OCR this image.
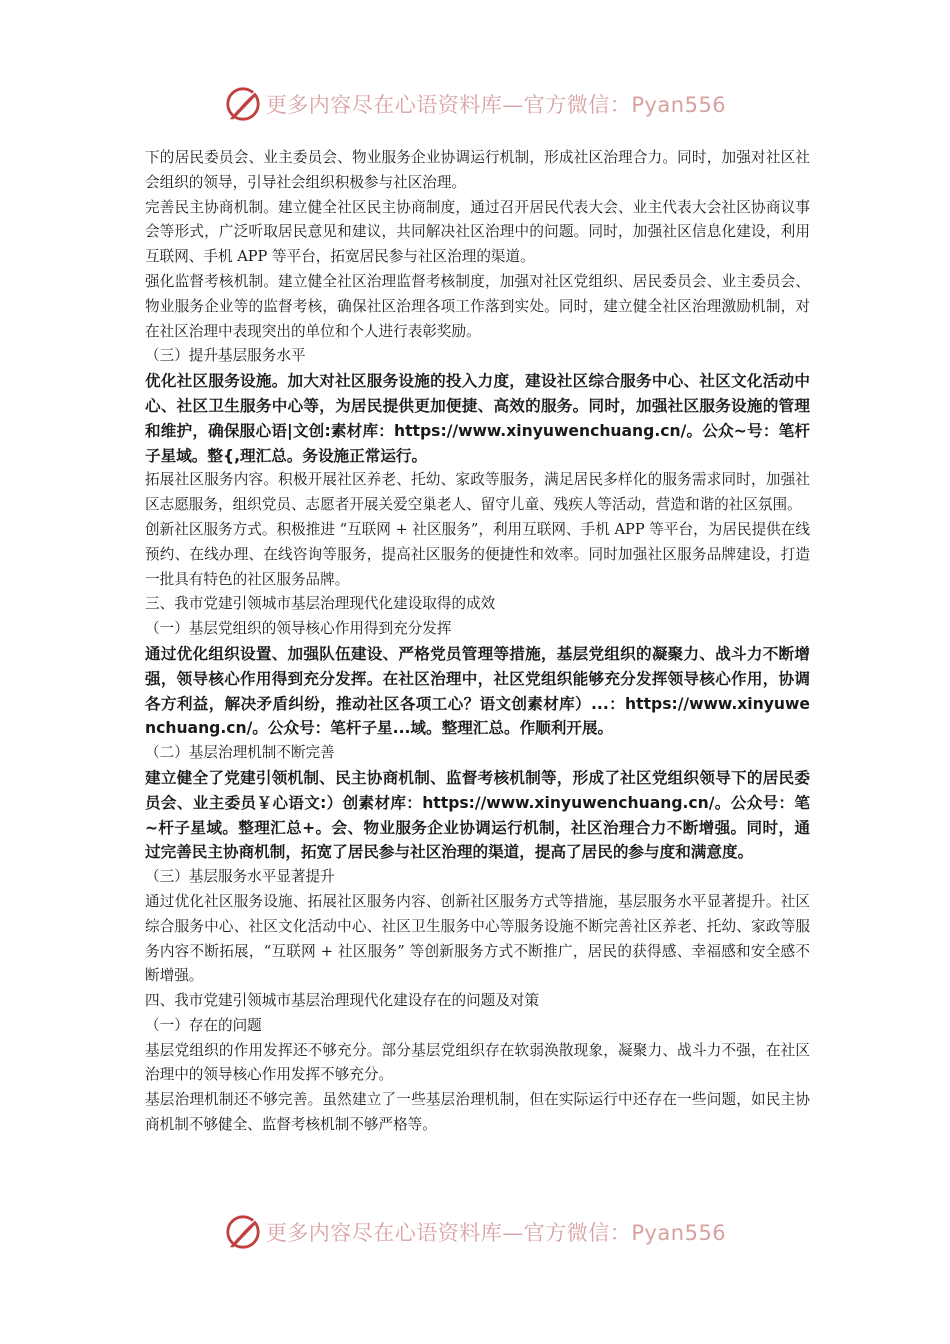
更多内容尽在心语资料库—官方微信：Pyan556

下的居民委员会、业主委员会、物业服务企业协调运行机制，形成社区治理合力。同时，加强对社区社会组织的领导，引导社会组织积极参与社区治理。

完善民主协商机制。建立健全社区民主协商制度，通过召开居民代表大会、业主代表大会社区协商议事会等形式，广泛听取居民意见和建议，共同解决社区治理中的问题。同时，加强社区信息化建设，利用互联网、手机 APP 等平台，拓宽居民参与社区治理的渠道。

强化监督考核机制。建立健全社区治理监督考核制度，加强对社区党组织、居民委员会、业主委员会、物业服务企业等的监督考核，确保社区治理各项工作落到实处。同时，建立健全社区治理激励机制，对在社区治理中表现突出的单位和个人进行表彰奖励。

（三）提升基层服务水平

优化社区服务设施。加大对社区服务设施的投入力度，建设社区综合服务中心、社区文化活动中心、社区卫生服务中心等，为居民提供更加便捷、高效的服务。同时，加强社区服务设施的管理和维护，确保服心语|文创:素材库：https://www.xinyuwenchuang.cn/。公众~号：笔杆子星域。整{,理汇总。务设施正常运行。

拓展社区服务内容。积极开展社区养老、托幼、家政等服务，满足居民多样化的服务需求同时，加强社区志愿服务，组织党员、志愿者开展关爱空巢老人、留守儿童、残疾人等活动，营造和谐的社区氛围。

创新社区服务方式。积极推进 “互联网 + 社区服务”，利用互联网、手机 APP 等平台，为居民提供在线预约、在线办理、在线咨询等服务，提高社区服务的便捷性和效率。同时加强社区服务品牌建设，打造一批具有特色的社区服务品牌。

三、我市党建引领城市基层治理现代化建设取得的成效

（一）基层党组织的领导核心作用得到充分发挥

通过优化组织设置、加强队伍建设、严格党员管理等措施，基层党组织的凝聚力、战斗力不断增强，领导核心作用得到充分发挥。在社区治理中，社区党组织能够充分发挥领导核心作用，协调各方利益，解决矛盾纠纷，推动社区各项工心？语文创素材库）...：https://www.xinyuwenchuang.cn/。公众号：笔杆子星...域。整理汇总。作顺利开展。

（二）基层治理机制不断完善

建立健全了党建引领机制、民主协商机制、监督考核机制等，形成了社区党组织领导下的居民委员会、业主委员￥心语文:）创素材库：https://www.xinyuwenchuang.cn/。公众号：笔~杆子星域。整理汇总+。会、物业服务企业协调运行机制，社区治理合力不断增强。同时，通过完善民主协商机制，拓宽了居民参与社区治理的渠道，提高了居民的参与度和满意度。

（三）基层服务水平显著提升

通过优化社区服务设施、拓展社区服务内容、创新社区服务方式等措施，基层服务水平显著提升。社区综合服务中心、社区文化活动中心、社区卫生服务中心等服务设施不断完善社区养老、托幼、家政等服务内容不断拓展，“互联网 + 社区服务” 等创新服务方式不断推广，居民的获得感、幸福感和安全感不断增强。

四、我市党建引领城市基层治理现代化建设存在的问题及对策

（一）存在的问题

基层党组织的作用发挥还不够充分。部分基层党组织存在软弱涣散现象，凝聚力、战斗力不强，在社区治理中的领导核心作用发挥不够充分。

基层治理机制还不够完善。虽然建立了一些基层治理机制，但在实际运行中还存在一些问题，如民主协商机制不够健全、监督考核机制不够严格等。

更多内容尽在心语资料库—官方微信：Pyan556
